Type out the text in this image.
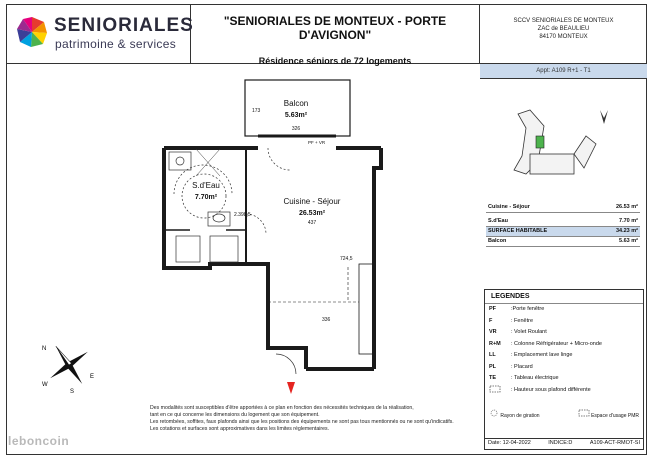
SENIORIALES
patrimoine & services
"SENIORIALES DE MONTEUX - PORTE D'AVIGNON"
Résidence séniors de 72 logements
SCCV SENIORIALES DE MONTEUX
ZAC de BEAULIEU
84170 MONTEUX
Appt: A109 R+1 - T1
Balcon
5.63m²
326
173
PF + VR
S.d'Eau
7.70m²
2.398,5
Cuisine - Séjour
26.53m²
437
336
724,5
Cuisine - Séjour	26.53 m²
S.d'Eau	7.70 m²
SURFACE HABITABLE	34.23 m²
Balcon	5.63 m²
LEGENDES
PF	:Porte fenêtre
F	: Fenêtre
VR	: Volet Roulant
R+M	: Colonne Réfrigérateur + Micro-onde
LL	: Emplacement lave linge
PL	: Placard
TE	: Tableau électrique
: Hauteur sous plafond différente
Rayon de giration	Espace d'usage PMR
Date: 12-04-2022	INDICE:D	A109-ACT-RMOT-SI
Des modalités sont susceptibles d'être apportées à ce plan en fonction des nécessités techniques de la réalisation,
tant en ce qui concerne les dimensions du logement que son équipement.
Les retombées, soffites, faux plafonds ainsi que les positions des équipements ne sont pas tous mentionnés ou ne sont qu'indicatifs.
Les cotations et surfaces sont approximatives dans les limites réglementaires.
N
E
S
W
leboncoin
